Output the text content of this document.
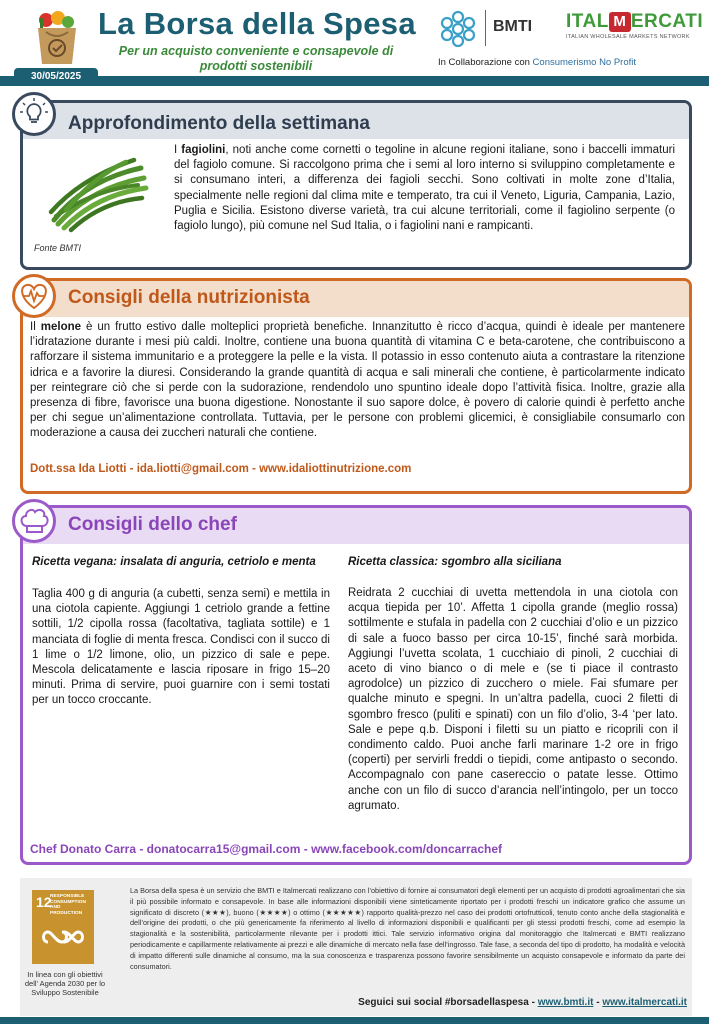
La Borsa della Spesa
Per un acquisto conveniente e consapevole di prodotti sostenibili
BMTI ITAL M ERCATI
ITALIAN WHOLESALE MARKETS NETWORK
In Collaborazione con Consumerismo No Profit
30/05/2025
Approfondimento della settimana
Fonte BMTI
I fagiolini, noti anche come cornetti o tegoline in alcune regioni italiane, sono i baccelli immaturi del fagiolo comune. Si raccolgono prima che i semi al loro interno si sviluppino completamente e si consumano interi, a differenza dei fagioli secchi. Sono coltivati in molte zone d’Italia, specialmente nelle regioni dal clima mite e temperato, tra cui il Veneto, Liguria, Campania, Lazio, Puglia e Sicilia. Esistono diverse varietà, tra cui alcune territoriali, come il fagiolino serpente (o fagiolo lungo), più comune nel Sud Italia, o i fagiolini nani e rampicanti.
Consigli della nutrizionista
Il melone è un frutto estivo dalle molteplici proprietà benefiche. Innanzitutto è ricco d’acqua, quindi è ideale per mantenere l’idratazione durante i mesi più caldi. Inoltre, contiene una buona quantità di vitamina C e beta-carotene, che contribuiscono a rafforzare il sistema immunitario e a proteggere la pelle e la vista. Il potassio in esso contenuto aiuta a contrastare la ritenzione idrica e a favorire la diuresi. Considerando la grande quantità di acqua e sali minerali che contiene, è particolarmente indicato per reintegrare ciò che si perde con la sudorazione, rendendolo uno spuntino ideale dopo l’attività fisica. Inoltre, grazie alla presenza di fibre, favorisce una buona digestione. Nonostante il suo sapore dolce, è povero di calorie quindi è perfetto anche per chi segue un’alimentazione controllata. Tuttavia, per le persone con problemi glicemici, è consigliabile consumarlo con moderazione a causa dei zuccheri naturali che contiene.
Dott.ssa Ida Liotti - ida.liotti@gmail.com - www.idaliottinutrizione.com
Consigli dello chef
Ricetta vegana: insalata di anguria, cetriolo e menta
Taglia 400 g di anguria (a cubetti, senza semi) e mettila in una ciotola capiente. Aggiungi 1 cetriolo grande a fettine sottili, 1/2 cipolla rossa (facoltativa, tagliata sottile) e 1 manciata di foglie di menta fresca. Condisci con il succo di 1 lime o 1/2 limone, olio, un pizzico di sale e pepe. Mescola delicatamente e lascia riposare in frigo 15–20 minuti. Prima di servire, puoi guarnire con i semi tostati per un tocco croccante.
Ricetta classica: sgombro alla siciliana
Reidrata 2 cucchiai di uvetta mettendola in una ciotola con acqua tiepida per 10’. Affetta 1 cipolla grande (meglio rossa) sottilmente e stufala in padella con 2 cucchiai d’olio e un pizzico di sale a fuoco basso per circa 10-15’, finché sarà morbida. Aggiungi l’uvetta scolata, 1 cucchiaio di pinoli, 2 cucchiai di aceto di vino bianco o di mele e (se ti piace il contrasto agrodolce) un pizzico di zucchero o miele. Fai sfumare per qualche minuto e spegni. In un’altra padella, cuoci 2 filetti di sgombro fresco (puliti e spinati) con un filo d’olio, 3-4 ‘per lato. Sale e pepe q.b. Disponi i filetti su un piatto e ricoprili con il condimento caldo. Puoi anche farli marinare 1-2 ore in frigo (coperti) per servirli freddi o tiepidi, come antipasto o secondo. Accompagnalo con pane casereccio o patate lesse. Ottimo anche con un filo di succo d’arancia nell’intingolo, per un tocco agrumato.
Chef Donato Carra - donatocarra15@gmail.com - www.facebook.com/doncarrachef
12
RESPONSIBLE CONSUMPTION AND PRODUCTION
In linea con gli obiettivi dell’ Agenda 2030 per lo Sviluppo Sostenibile
La Borsa della spesa è un servizio che BMTI e Italmercati realizzano con l’obiettivo di fornire ai consumatori degli elementi per un acquisto di prodotti agroalimentari che sia il più possibile informato e consapevole. In base alle informazioni disponibili viene sinteticamente riportato per i prodotti freschi un indicatore grafico che assume un significato di discreto (★★★), buono (★★★★) o ottimo (★★★★★) rapporto qualità-prezzo nel caso dei prodotti ortofrutticoli, tenuto conto anche della stagionalità e dell’origine dei prodotti, o che più genericamente fa riferimento al livello di informazioni disponibili e qualificanti per gli stessi prodotti freschi, come ad esempio la stagionalità e la sostenibilità, particolarmente rilevante per i prodotti ittici. Tale servizio informativo origina dal monitoraggio che Italmercati e BMTI realizzano periodicamente e capillarmente relativamente ai prezzi e alle dinamiche di mercato nella fase dell’ingrosso. Tale fase, a seconda del tipo di prodotto, ha modalità e velocità di impatto differenti sulle dinamiche al consumo, ma la sua conoscenza e trasparenza possono favorire sensibilmente un acquisto consapevole e informato da parte dei consumatori.
Seguici sui social #borsadellaspesa - www.bmti.it - www.italmercati.it
